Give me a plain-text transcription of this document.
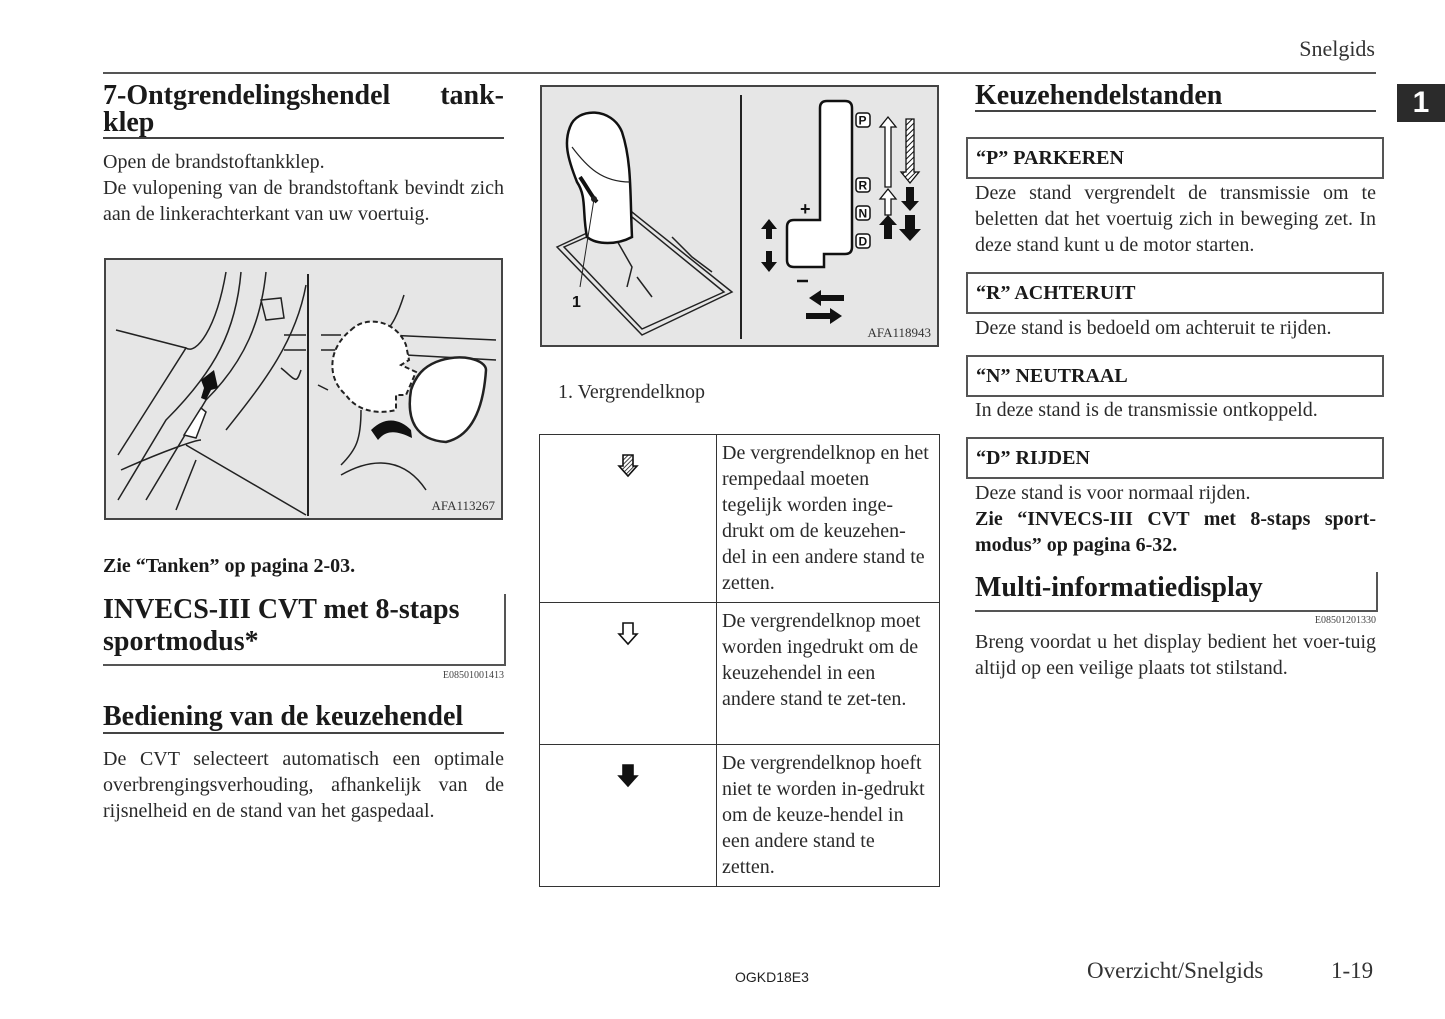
Snelgids
1
7-Ontgrendelingshendel tank-
klep
Open de brandstoftankklep.
De vulopening van de brandstoftank bevindt zich aan de linkerachterkant van uw voertuig.
AFA113267
Zie “Tanken” op pagina 2-03.
INVECS-III CVT met 8-staps
sportmodus*
E08501001413
Bediening van de keuzehendel
De CVT selecteert automatisch een optimale overbrengingsverhouding, afhankelijk van de rijsnelheid en de stand van het gaspedaal.
1
+
P
R
N
D
AFA118943
1. Vergrendelknop
	De vergrendelknop en het rempedaal moeten tegelijk worden inge-drukt om de keuzehen-del in een andere stand te zetten.
	De vergrendelknop moet worden ingedrukt om de keuzehendel in een andere stand te zet-ten.
	De vergrendelknop hoeft niet te worden in-gedrukt om de keuze-hendel in een andere stand te zetten.
Keuzehendelstanden
“P” PARKEREN
Deze stand vergrendelt de transmissie om te beletten dat het voertuig zich in beweging zet. In deze stand kunt u de motor starten.
“R” ACHTERUIT
Deze stand is bedoeld om achteruit te rijden.
“N” NEUTRAAL
In deze stand is de transmissie ontkoppeld.
“D” RIJDEN
Deze stand is voor normaal rijden.
Zie “INVECS-III CVT met 8-staps sport-modus” op pagina 6-32.
Multi-informatiedisplay
E08501201330
Breng voordat u het display bedient het voer-tuig altijd op een veilige plaats tot stilstand.
OGKD18E3	Overzicht/Snelgids	1-19
